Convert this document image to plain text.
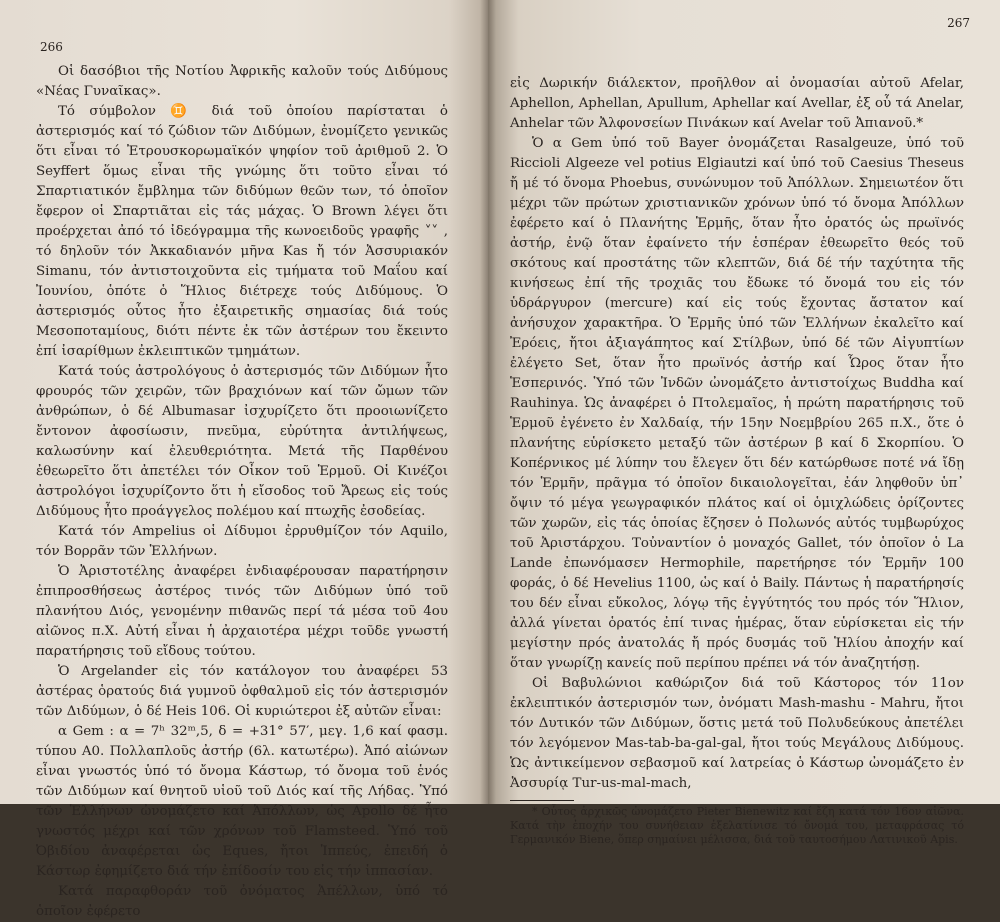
266

Οἱ δασόβιοι τῆς Νοτίου Ἀφρικῆς καλοῦν τούς Διδύμους «Νέας Γυναῖκας».

Τό σύμβολον ♊ διά τοῦ ὁποίου παρίσταται ὁ ἀστερισμός καί τό ζώδιον τῶν Διδύμων, ἐνομίζετο γενικῶς ὅτι εἶναι τό Ἐτρουσκορωμαϊκόν ψηφίον τοῦ ἀριθμοῦ 2. Ὁ Seyffert ὅμως εἶναι τῆς γνώμης ὅτι τοῦτο εἶναι τό Σπαρτιατικόν ἔμβλημα τῶν διδύμων θεῶν των, τό ὁποῖον ἔφερον οἱ Σπαρτιᾶται εἰς τάς μάχας. Ὁ Brown λέγει ὅτι προέρχεται ἀπό τό ἰδεόγραμμα τῆς κωνοειδοῦς γραφῆς ˅˅ , τό δηλοῦν τόν Ἀκκαδιανόν μῆνα Kas ἤ τόν Ἀσσυριακόν Simanu, τόν ἀντιστοιχοῦντα εἰς τμήματα τοῦ Μαΐου καί Ἰουνίου, ὁπότε ὁ Ἥλιος διέτρεχε τούς Διδύμους. Ὁ ἀστερισμός οὗτος ἦτο ἐξαιρετικῆς σημασίας διά τούς Μεσοποταμίους, διότι πέντε ἐκ τῶν ἀστέρων του ἔκειντο ἐπί ἰσαρίθμων ἐκλειπτικῶν τμημάτων.

Κατά τούς ἀστρολόγους ὁ ἀστερισμός τῶν Διδύμων ἦτο φρουρός τῶν χειρῶν, τῶν βραχιόνων καί τῶν ὤμων τῶν ἀνθρώπων, ὁ δέ Albumasar ἰσχυρίζετο ὅτι προοιωνίζετο ἔντονον ἀφοσίωσιν, πνεῦμα, εὐρύτητα ἀντιλήψεως, καλωσύνην καί ἐλευθεριότητα. Μετά τῆς Παρθένου ἐθεωρεῖτο ὅτι ἀπετέλει τόν Οἶκον τοῦ Ἑρμοῦ. Οἱ Κινέζοι ἀστρολόγοι ἰσχυρίζοντο ὅτι ἡ εἴσοδος τοῦ Ἄρεως εἰς τούς Διδύμους ἦτο προάγγελος πολέμου καί πτωχῆς ἐσοδείας.

Κατά τόν Ampelius οἱ Δίδυμοι ἐρρυθμίζον τόν Aquilo, τόν Βορρᾶν τῶν Ἑλλήνων.

Ὁ Ἀριστοτέλης ἀναφέρει ἐνδιαφέρουσαν παρατήρησιν ἐπιπροσθήσεως ἀστέρος τινός τῶν Διδύμων ὑπό τοῦ πλανήτου Διός, γενομένην πιθανῶς περί τά μέσα τοῦ 4ου αἰῶνος π.Χ. Αὐτή εἶναι ἡ ἀρχαιοτέρα μέχρι τοῦδε γνωστή παρατήρησις τοῦ εἴδους τούτου.

Ὁ Argelander εἰς τόν κατάλογον του ἀναφέρει 53 ἀστέρας ὁρατούς διά γυμνοῦ ὀφθαλμοῦ εἰς τόν ἀστερισμόν τῶν Διδύμων, ὁ δέ Heis 106. Οἱ κυριώτεροι ἐξ αὐτῶν εἶναι:

α Gem : α = 7ʰ 32ᵐ,5, δ = +31° 57′, μεγ. 1,6 καί φασμ. τύπου A0. Πολλαπλοῦς ἀστήρ (6λ. κατωτέρω). Ἀπό αἰώνων εἶναι γνωστός ὑπό τό ὄνομα Κάστωρ, τό ὄνομα τοῦ ἑνός τῶν Διδύμων καί θνητοῦ υἱοῦ τοῦ Διός καί τῆς Λήδας. Ὑπό τῶν Ἑλλήνων ὠνομάζετο καί Ἀπόλλων, ὡς Apollo δέ ἦτο γνωστός μέχρι καί τῶν χρόνων τοῦ Flamsteed. Ὑπό τοῦ Ὀβιδίου ἀναφέρεται ὡς Eques, ἤτοι Ἱππεύς, ἐπειδή ὁ Κάστωρ ἐφημίζετο διά τήν ἐπίδοσίν του εἰς τήν ἱππασίαν.

Κατά παραφθοράν τοῦ ὀνόματος Ἀπέλλων, ὑπό τό ὁποῖον ἐφέρετο

267

εἰς Δωρικήν διάλεκτον, προῆλθον αἱ ὀνομασίαι αὐτοῦ Afelar, Aphellon, Aphellan, Apullum, Aphellar καί Avellar, ἐξ οὗ τά Anelar, Anhelar τῶν Ἀλφονσείων Πινάκων καί Avelar τοῦ Ἀπιανοῦ.*

Ὁ α Gem ὑπό τοῦ Bayer ὀνομάζεται Rasalgeuze, ὑπό τοῦ Riccioli Algeeze vel potius Elgiautzi καί ὑπό τοῦ Caesius Theseus ἤ μέ τό ὄνομα Phoebus, συνώνυμον τοῦ Ἀπόλλων. Σημειωτέον ὅτι μέχρι τῶν πρώτων χριστιανικῶν χρόνων ὑπό τό ὄνομα Ἀπόλλων ἐφέρετο καί ὁ Πλανήτης Ἑρμῆς, ὅταν ἦτο ὁρατός ὡς πρωϊνός ἀστήρ, ἐνῷ ὅταν ἐφαίνετο τήν ἑσπέραν ἐθεωρεῖτο θεός τοῦ σκότους καί προστάτης τῶν κλεπτῶν, διά δέ τήν ταχύτητα τῆς κινήσεως ἐπί τῆς τροχιᾶς του ἔδωκε τό ὄνομά του εἰς τόν ὑδράργυρον (mercure) καί εἰς τούς ἔχοντας ἄστατον καί ἀνήσυχον χαρακτῆρα. Ὁ Ἑρμῆς ὑπό τῶν Ἑλλήνων ἐκαλεῖτο καί Ἐρόεις, ἤτοι ἀξιαγάπητος καί Στίλβων, ὑπό δέ τῶν Αἰγυπτίων ἐλέγετο Set, ὅταν ἦτο πρωϊνός ἀστήρ καί Ὧρος ὅταν ἦτο Ἑσπερινός. Ὑπό τῶν Ἰνδῶν ὠνομάζετο ἀντιστοίχως Buddha καί Rauhinya. Ὡς ἀναφέρει ὁ Πτολεμαῖος, ἡ πρώτη παρατήρησις τοῦ Ἑρμοῦ ἐγένετο ἐν Χαλδαίᾳ, τήν 15ην Νοεμβρίου 265 π.Χ., ὅτε ὁ πλανήτης εὑρίσκετο μεταξύ τῶν ἀστέρων β καί δ Σκορπίου. Ὁ Κοπέρνικος μέ λύπην του ἔλεγεν ὅτι δέν κατώρθωσε ποτέ νά ἴδῃ τόν Ἑρμῆν, πρᾶγμα τό ὁποῖον δικαιολογεῖται, ἐάν ληφθοῦν ὑπ᾽ ὄψιν τό μέγα γεωγραφικόν πλάτος καί οἱ ὁμιχλώδεις ὁρίζοντες τῶν χωρῶν, εἰς τάς ὁποίας ἔζησεν ὁ Πολωνός αὐτός τυμβωρύχος τοῦ Ἀριστάρχου. Τοὐναντίον ὁ μοναχός Gallet, τόν ὁποῖον ὁ La Lande ἐπωνόμασεν Hermophile, παρετήρησε τόν Ἑρμῆν 100 φοράς, ὁ δέ Hevelius 1100, ὡς καί ὁ Baily. Πάντως ἡ παρατήρησίς του δέν εἶναι εὔκολος, λόγῳ τῆς ἐγγύτητός του πρός τόν Ἥλιον, ἀλλά γίνεται ὁρατός ἐπί τινας ἡμέρας, ὅταν εὑρίσκεται εἰς τήν μεγίστην πρός ἀνατολάς ἤ πρός δυσμάς τοῦ Ἡλίου ἀποχήν καί ὅταν γνωρίζῃ κανείς ποῦ περίπου πρέπει νά τόν ἀναζητήσῃ.

Οἱ Βαβυλώνιοι καθώριζον διά τοῦ Κάστορος τόν 11ον ἐκλειπτικόν ἀστερισμόν των, ὀνόματι Mash-mashu - Mahru, ἤτοι τόν Δυτικόν τῶν Διδύμων, ὅστις μετά τοῦ Πολυδεύκους ἀπετέλει τόν λεγόμενον Mas-tab-ba-gal-gal, ἤτοι τούς Μεγάλους Διδύμους. Ὡς ἀντικείμενον σεβασμοῦ καί λατρείας ὁ Κάστωρ ὠνομάζετο ἐν Ἀσσυρίᾳ Tur-us-mal-mach,

* Οὗτος ἀρχικῶς ὠνομάζετο Pieter Bienewitz καί ἔζη κατά τόν 16ον αἰῶνα. Κατά τὴν ἐποχήν του συνήθειαν ἐξελατίνισε τό ὄνομά του, μεταφράσας τό Γερμανικόν Biene, ὅπερ σημαίνει μέλισσα, διά τοῦ ταυτοσήμου Λατινικοῦ Apis.
